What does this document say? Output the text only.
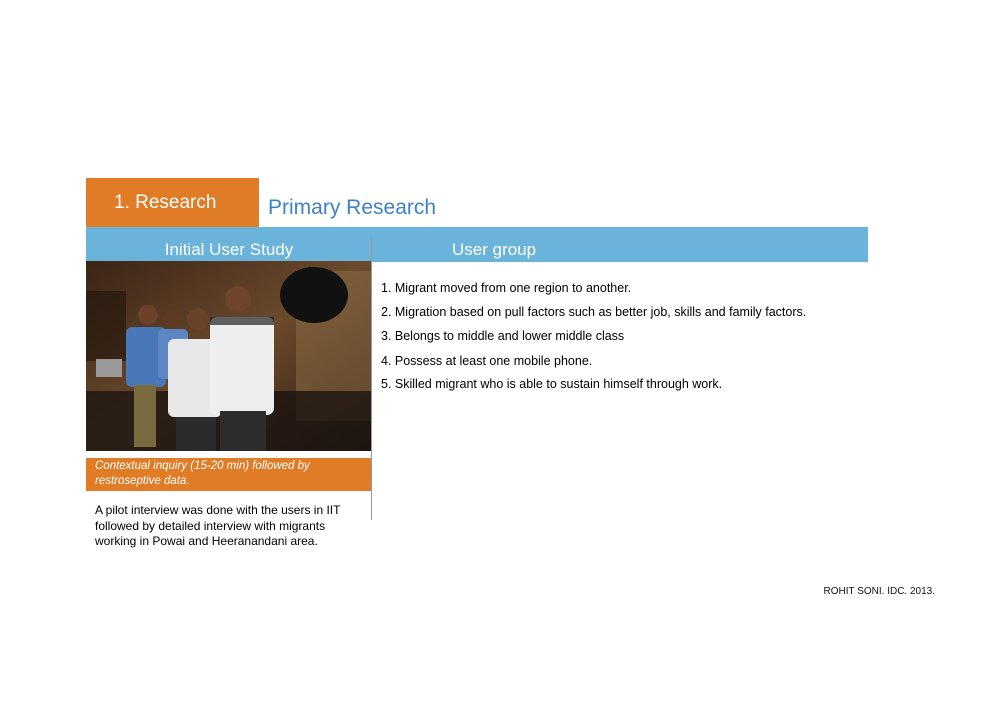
1. Research	Primary Research
Initial User Study	User group
Contextual inquiry (15-20 min) followed by restroseptive data.
A pilot interview was done with the users in IIT followed by detailed interview with migrants working in Powai and Heeranandani area.
1. Migrant moved from one region to another.
2. Migration based on pull factors such as better job, skills and family factors.
3. Belongs to middle and lower middle class
4. Possess at least one mobile phone.
5. Skilled migrant who is able to sustain himself through work.
ROHIT SONI. IDC. 2013.
